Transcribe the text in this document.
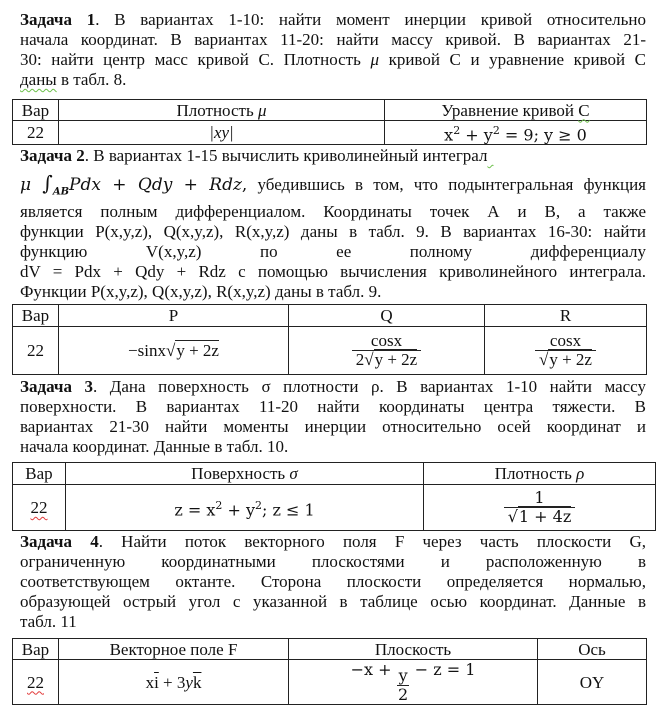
Задача 1. В вариантах 1-10: найти момент инерции кривой относительно
начала координат. В вариантах 11-20: найти массу кривой. В вариантах 21-
30: найти центр масс кривой С. Плотность μ кривой С и уравнение кривой С
даны в табл. 8.
Вар	Плотность μ	Уравнение кривой С
22	|xy|	$x^2 + y^2 = 9$; y ≥ 0
Задача 2. В вариантах 1-15 вычислить криволинейный интеграл
μ $\int_{AB}Pdx$ + Qdy + Rdz, убедившись в том, что подынтегральная функция
является полным дифференциалом. Координаты точек А и В, а также
функции P(x,y,z), Q(x,y,z), R(x,y,z) даны в табл. 9. В вариантах 16-30: найти
функцию	V(x,y,z)	по	ее	полному	дифференциалу
dV = Pdx + Qdy + Rdz с помощью вычисления криволинейного интеграла.
Функции P(x,y,z), Q(x,y,z), R(x,y,z) даны в табл. 9.
Вар	P	Q	R
22	−sinx√y + 2z	$\frac{\cos x}{2√y + 2z}$	$\frac{\cos x}{√y + 2z}$
Задача 3. Дана поверхность σ плотности ρ. В вариантах 1-10 найти массу
поверхности. В вариантах 11-20 найти координаты центра тяжести. В
вариантах 21-30 найти моменты инерции относительно осей координат и
начала координат. Данные в табл. 10.
Вар	Поверхность σ	Плотность ρ
22	$z = x^2 + y^2$; z ≤ 1	$\frac{1}{√1 + 4z}$
Задача 4. Найти поток векторного поля F через часть плоскости G,
ограниченную координатными плоскостями и расположенную в
соответствующем октанте. Сторона плоскости определяется нормалью,
образующей острый угол с указанной в таблице осью координат. Данные в
табл. 11
Вар	Векторное поле F	Плоскость	Ось
22	$x\overline{i} + 3y\overline{k}$	$-x + \frac{y}{2} - z = 1$	OY
